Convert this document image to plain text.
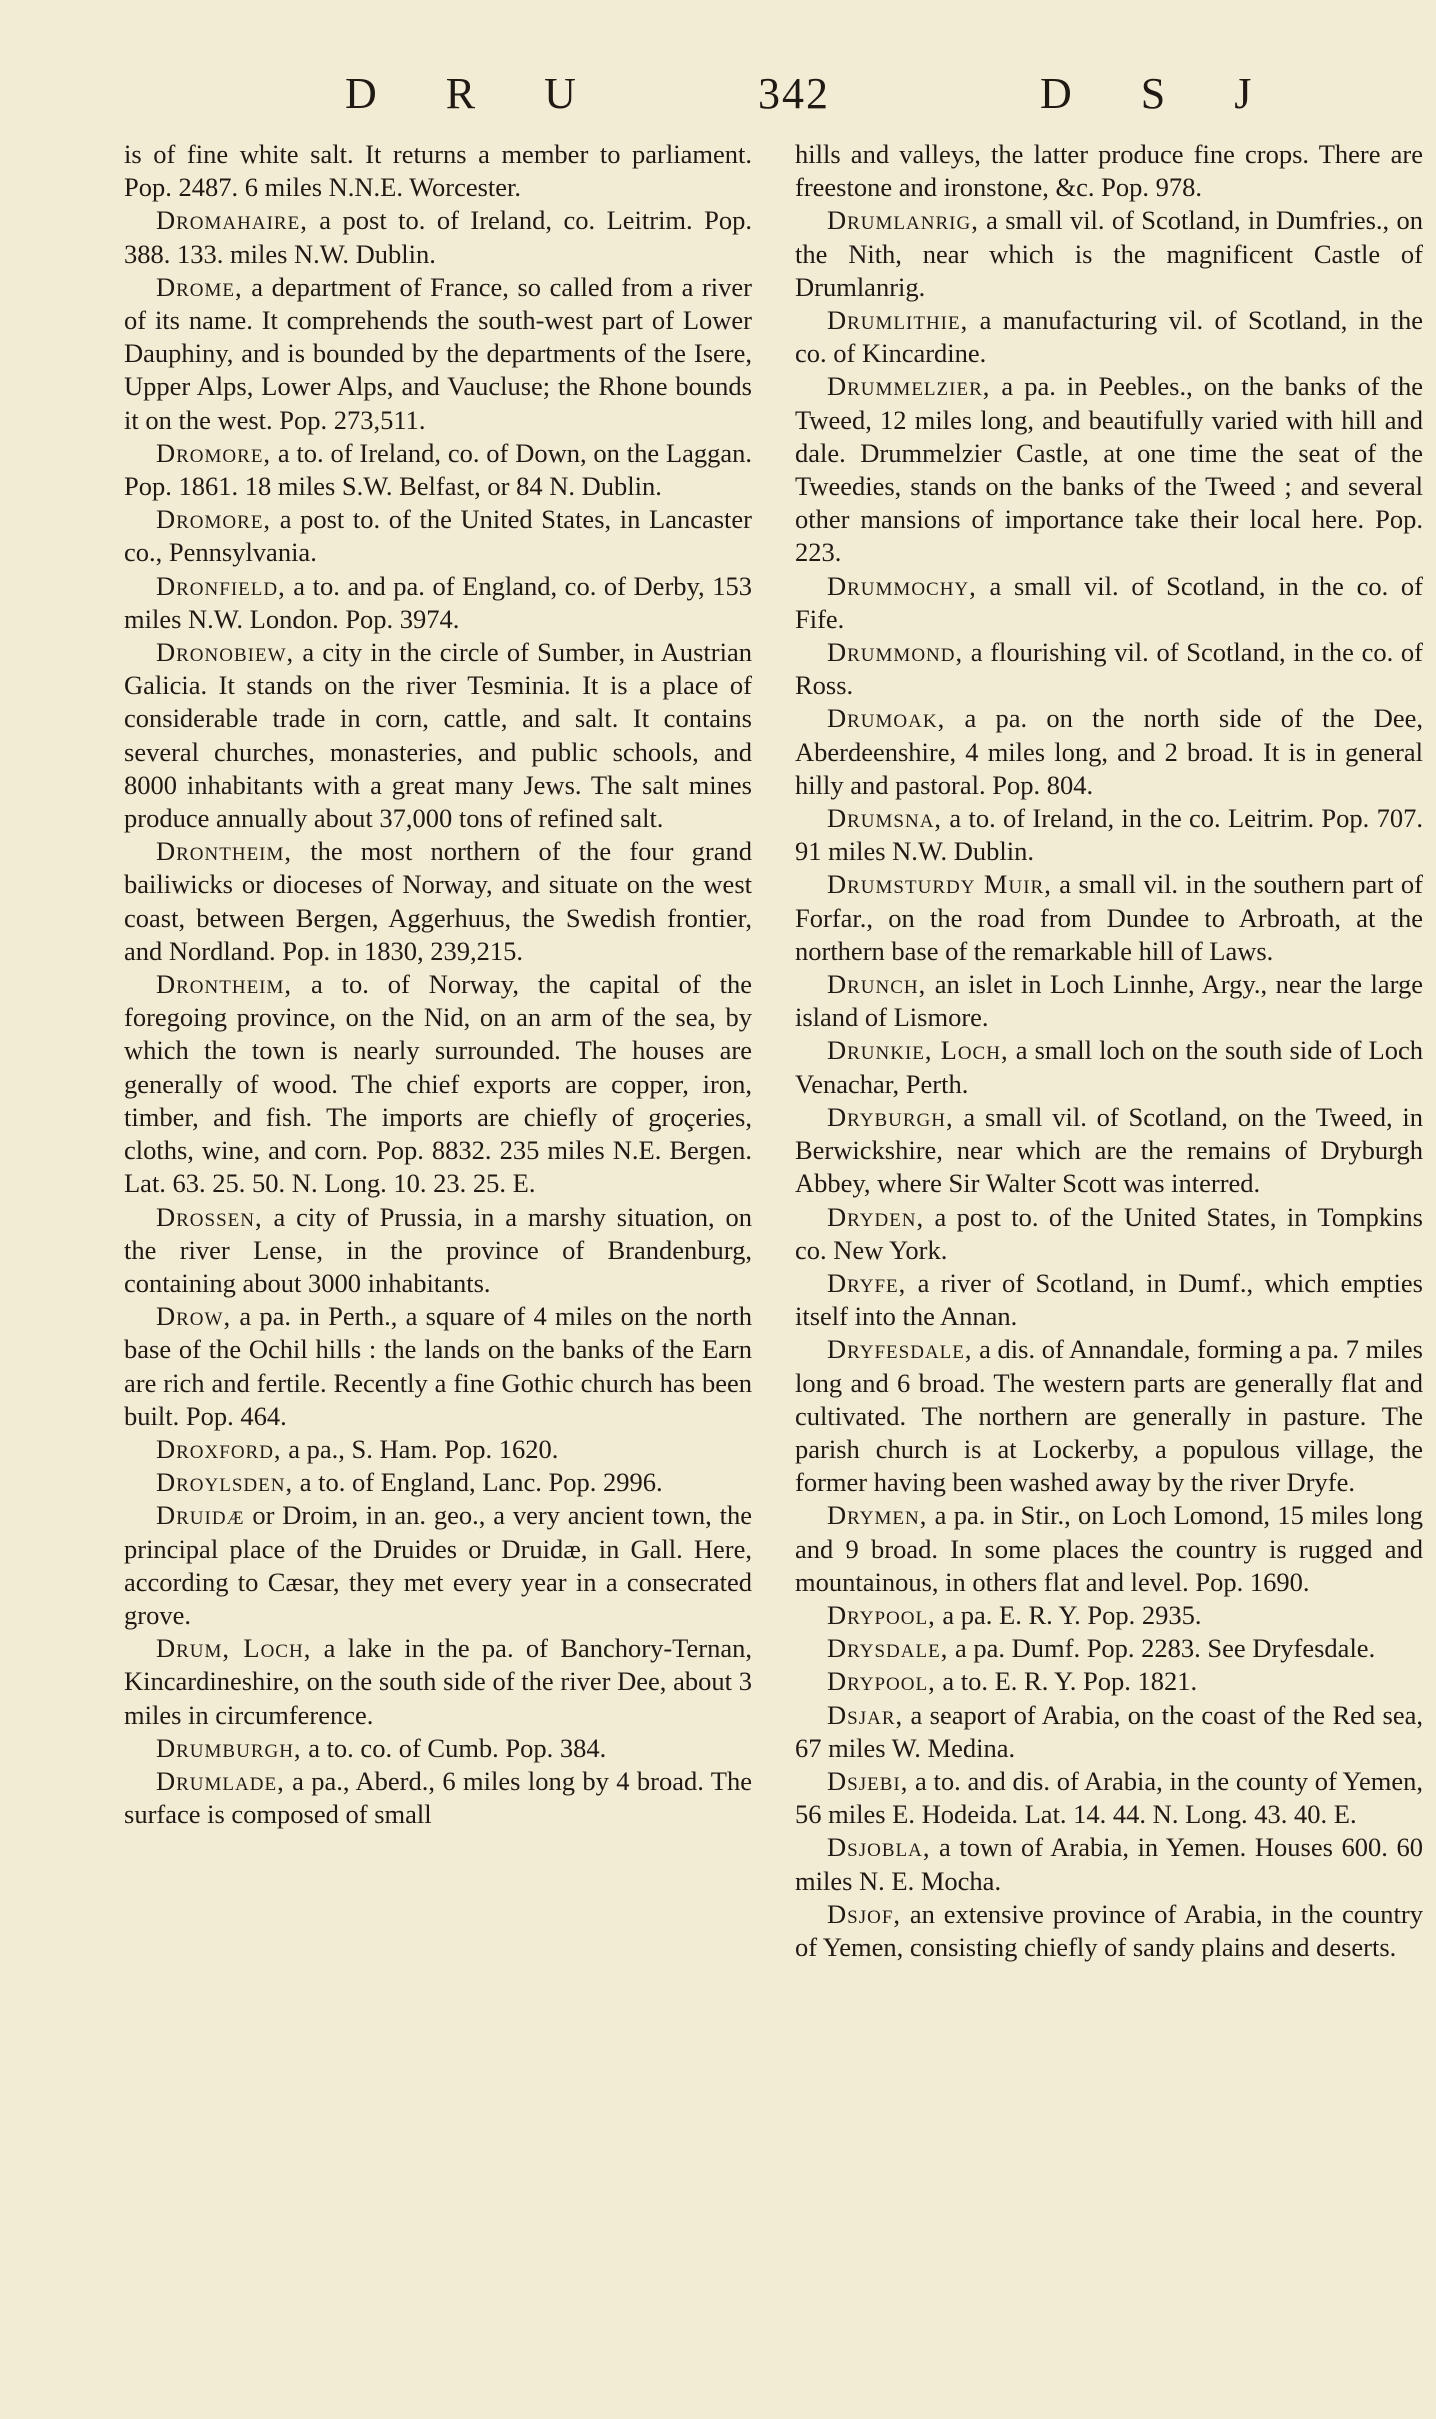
D R U	342	D S J

is of fine white salt. It returns a member to parliament. Pop. 2487. 6 miles N.N.E. Worcester.

Dromahaire, a post to. of Ireland, co. Leitrim. Pop. 388. 133. miles N.W. Dublin.

Drome, a department of France, so called from a river of its name. It comprehends the south-west part of Lower Dauphiny, and is bounded by the departments of the Isere, Upper Alps, Lower Alps, and Vaucluse; the Rhone bounds it on the west. Pop. 273,511.

Dromore, a to. of Ireland, co. of Down, on the Laggan. Pop. 1861. 18 miles S.W. Belfast, or 84 N. Dublin.

Dromore, a post to. of the United States, in Lancaster co., Pennsylvania.

Dronfield, a to. and pa. of England, co. of Derby, 153 miles N.W. London. Pop. 3974.

Dronobiew, a city in the circle of Sumber, in Austrian Galicia. It stands on the river Tesminia. It is a place of considerable trade in corn, cattle, and salt. It contains several churches, monasteries, and public schools, and 8000 inhabitants with a great many Jews. The salt mines produce annually about 37,000 tons of refined salt.

Drontheim, the most northern of the four grand bailiwicks or dioceses of Norway, and situate on the west coast, between Bergen, Aggerhuus, the Swedish frontier, and Nordland. Pop. in 1830, 239,215.

Drontheim, a to. of Norway, the capital of the foregoing province, on the Nid, on an arm of the sea, by which the town is nearly surrounded. The houses are generally of wood. The chief exports are copper, iron, timber, and fish. The imports are chiefly of groçeries, cloths, wine, and corn. Pop. 8832. 235 miles N.E. Bergen. Lat. 63. 25. 50. N. Long. 10. 23. 25. E.

Drossen, a city of Prussia, in a marshy situation, on the river Lense, in the province of Brandenburg, containing about 3000 inhabitants.

Drow, a pa. in Perth., a square of 4 miles on the north base of the Ochil hills : the lands on the banks of the Earn are rich and fertile. Recently a fine Gothic church has been built. Pop. 464.

Droxford, a pa., S. Ham. Pop. 1620.

Droylsden, a to. of England, Lanc. Pop. 2996.

Druidæ or Droim, in an. geo., a very ancient town, the principal place of the Druides or Druidæ, in Gall. Here, according to Cæsar, they met every year in a consecrated grove.

Drum, Loch, a lake in the pa. of Banchory-Ternan, Kincardineshire, on the south side of the river Dee, about 3 miles in circumference.

Drumburgh, a to. co. of Cumb. Pop. 384.

Drumlade, a pa., Aberd., 6 miles long by 4 broad. The surface is composed of small

hills and valleys, the latter produce fine crops. There are freestone and ironstone, &c. Pop. 978.

Drumlanrig, a small vil. of Scotland, in Dumfries., on the Nith, near which is the magnificent Castle of Drumlanrig.

Drumlithie, a manufacturing vil. of Scotland, in the co. of Kincardine.

Drummelzier, a pa. in Peebles., on the banks of the Tweed, 12 miles long, and beautifully varied with hill and dale. Drummelzier Castle, at one time the seat of the Tweedies, stands on the banks of the Tweed ; and several other mansions of importance take their local here. Pop. 223.

Drummochy, a small vil. of Scotland, in the co. of Fife.

Drummond, a flourishing vil. of Scotland, in the co. of Ross.

Drumoak, a pa. on the north side of the Dee, Aberdeenshire, 4 miles long, and 2 broad. It is in general hilly and pastoral. Pop. 804.

Drumsna, a to. of Ireland, in the co. Leitrim. Pop. 707. 91 miles N.W. Dublin.

Drumsturdy Muir, a small vil. in the southern part of Forfar., on the road from Dundee to Arbroath, at the northern base of the remarkable hill of Laws.

Drunch, an islet in Loch Linnhe, Argy., near the large island of Lismore.

Drunkie, Loch, a small loch on the south side of Loch Venachar, Perth.

Dryburgh, a small vil. of Scotland, on the Tweed, in Berwickshire, near which are the remains of Dryburgh Abbey, where Sir Walter Scott was interred.

Dryden, a post to. of the United States, in Tompkins co. New York.

Dryfe, a river of Scotland, in Dumf., which empties itself into the Annan.

Dryfesdale, a dis. of Annandale, forming a pa. 7 miles long and 6 broad. The western parts are generally flat and cultivated. The northern are generally in pasture. The parish church is at Lockerby, a populous village, the former having been washed away by the river Dryfe.

Drymen, a pa. in Stir., on Loch Lomond, 15 miles long and 9 broad. In some places the country is rugged and mountainous, in others flat and level. Pop. 1690.

Drypool, a pa. E. R. Y. Pop. 2935.

Drysdale, a pa. Dumf. Pop. 2283. See Dryfesdale.

Drypool, a to. E. R. Y. Pop. 1821.

Dsjar, a seaport of Arabia, on the coast of the Red sea, 67 miles W. Medina.

Dsjebi, a to. and dis. of Arabia, in the county of Yemen, 56 miles E. Hodeida. Lat. 14. 44. N. Long. 43. 40. E.

Dsjobla, a town of Arabia, in Yemen. Houses 600. 60 miles N. E. Mocha.

Dsjof, an extensive province of Arabia, in the country of Yemen, consisting chiefly of sandy plains and deserts.
